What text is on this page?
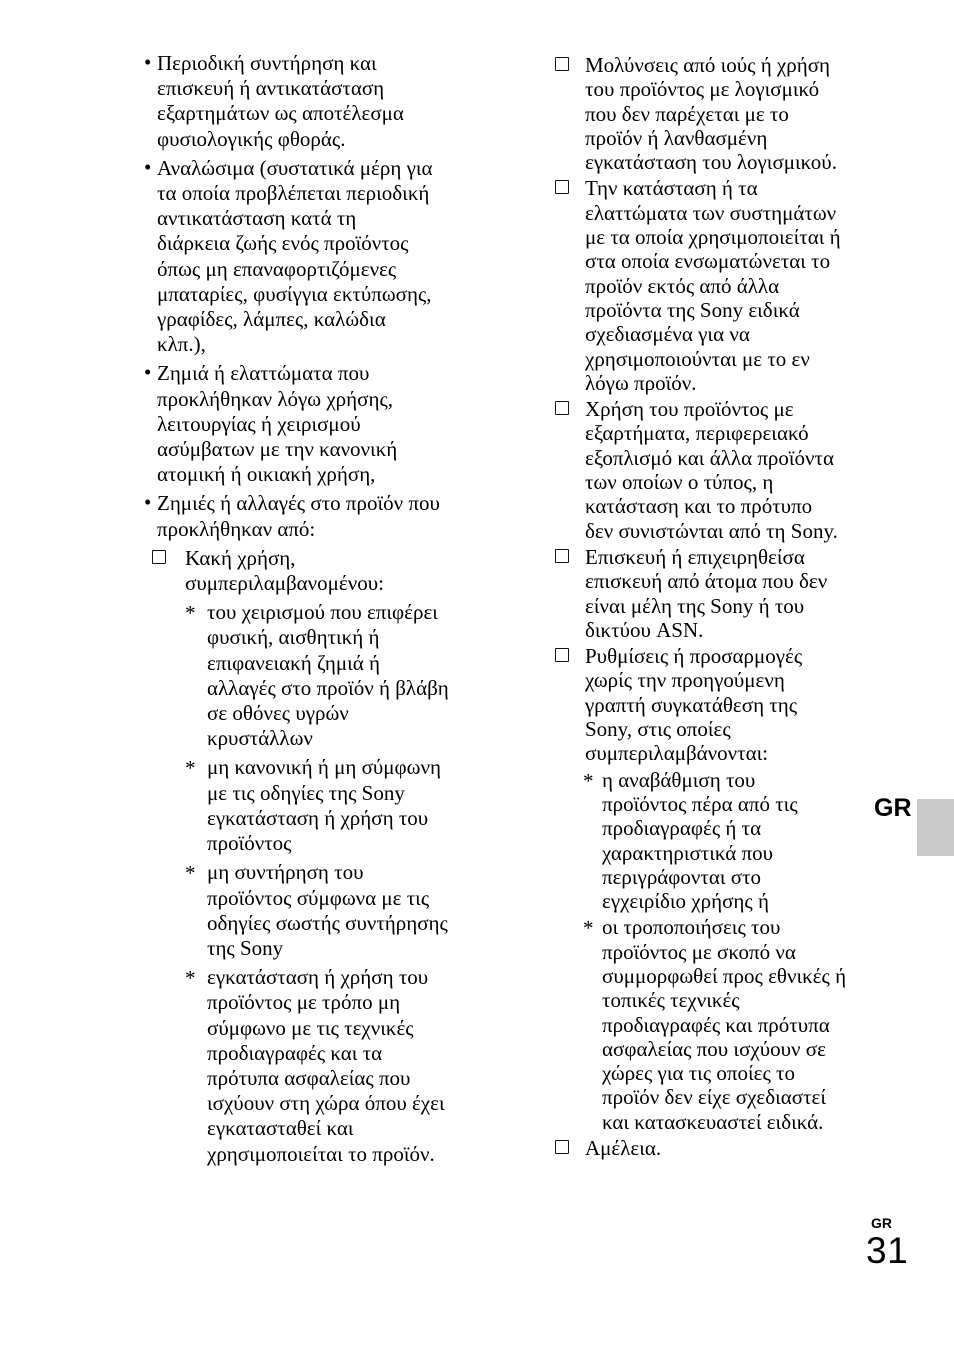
• Περιοδική συντήρηση και
επισκευή ή αντικατάσταση
εξαρτημάτων ως αποτέλεσμα
φυσιολογικής φθοράς.
• Αναλώσιμα (συστατικά μέρη για
τα οποία προβλέπεται περιοδική
αντικατάσταση κατά τη
διάρκεια ζωής ενός προϊόντος
όπως μη επαναφορτιζόμενες
μπαταρίες, φυσίγγια εκτύπωσης,
γραφίδες, λάμπες, καλώδια
κλπ.),
• Ζημιά ή ελαττώματα που
προκλήθηκαν λόγω χρήσης,
λειτουργίας ή χειρισμού
ασύμβατων με την κανονική
ατομική ή οικιακή χρήση,
• Ζημιές ή αλλαγές στο προϊόν που
προκλήθηκαν από:
Κακή χρήση,
συμπεριλαμβανομένου:
* του χειρισμού που επιφέρει
φυσική, αισθητική ή
επιφανειακή ζημιά ή
αλλαγές στο προϊόν ή βλάβη
σε οθόνες υγρών
κρυστάλλων
* μη κανονική ή μη σύμφωνη
με τις οδηγίες της Sony
εγκατάσταση ή χρήση του
προϊόντος
* μη συντήρηση του
προϊόντος σύμφωνα με τις
οδηγίες σωστής συντήρησης
της Sony
* εγκατάσταση ή χρήση του
προϊόντος με τρόπο μη
σύμφωνο με τις τεχνικές
προδιαγραφές και τα
πρότυπα ασφαλείας που
ισχύουν στη χώρα όπου έχει
εγκατασταθεί και
χρησιμοποιείται το προϊόν.
Μολύνσεις από ιούς ή χρήση
του προϊόντος με λογισμικό
που δεν παρέχεται με το
προϊόν ή λανθασμένη
εγκατάσταση του λογισμικού.
Την κατάσταση ή τα
ελαττώματα των συστημάτων
με τα οποία χρησιμοποιείται ή
στα οποία ενσωματώνεται το
προϊόν εκτός από άλλα
προϊόντα της Sony ειδικά
σχεδιασμένα για να
χρησιμοποιούνται με το εν
λόγω προϊόν.
Χρήση του προϊόντος με
εξαρτήματα, περιφερειακό
εξοπλισμό και άλλα προϊόντα
των οποίων ο τύπος, η
κατάσταση και το πρότυπο
δεν συνιστώνται από τη Sony.
Επισκευή ή επιχειρηθείσα
επισκευή από άτομα που δεν
είναι μέλη της Sony ή του
δικτύου ASN.
Ρυθμίσεις ή προσαρμογές
χωρίς την προηγούμενη
γραπτή συγκατάθεση της
Sony, στις οποίες
συμπεριλαμβάνονται:
* η αναβάθμιση του
προϊόντος πέρα από τις
προδιαγραφές ή τα
χαρακτηριστικά που
περιγράφονται στο
εγχειρίδιο χρήσης ή
* οι τροποποιήσεις του
προϊόντος με σκοπό να
συμμορφωθεί προς εθνικές ή
τοπικές τεχνικές
προδιαγραφές και πρότυπα
ασφαλείας που ισχύουν σε
χώρες για τις οποίες το
προϊόν δεν είχε σχεδιαστεί
και κατασκευαστεί ειδικά.
Αμέλεια.
GR
GR
31
